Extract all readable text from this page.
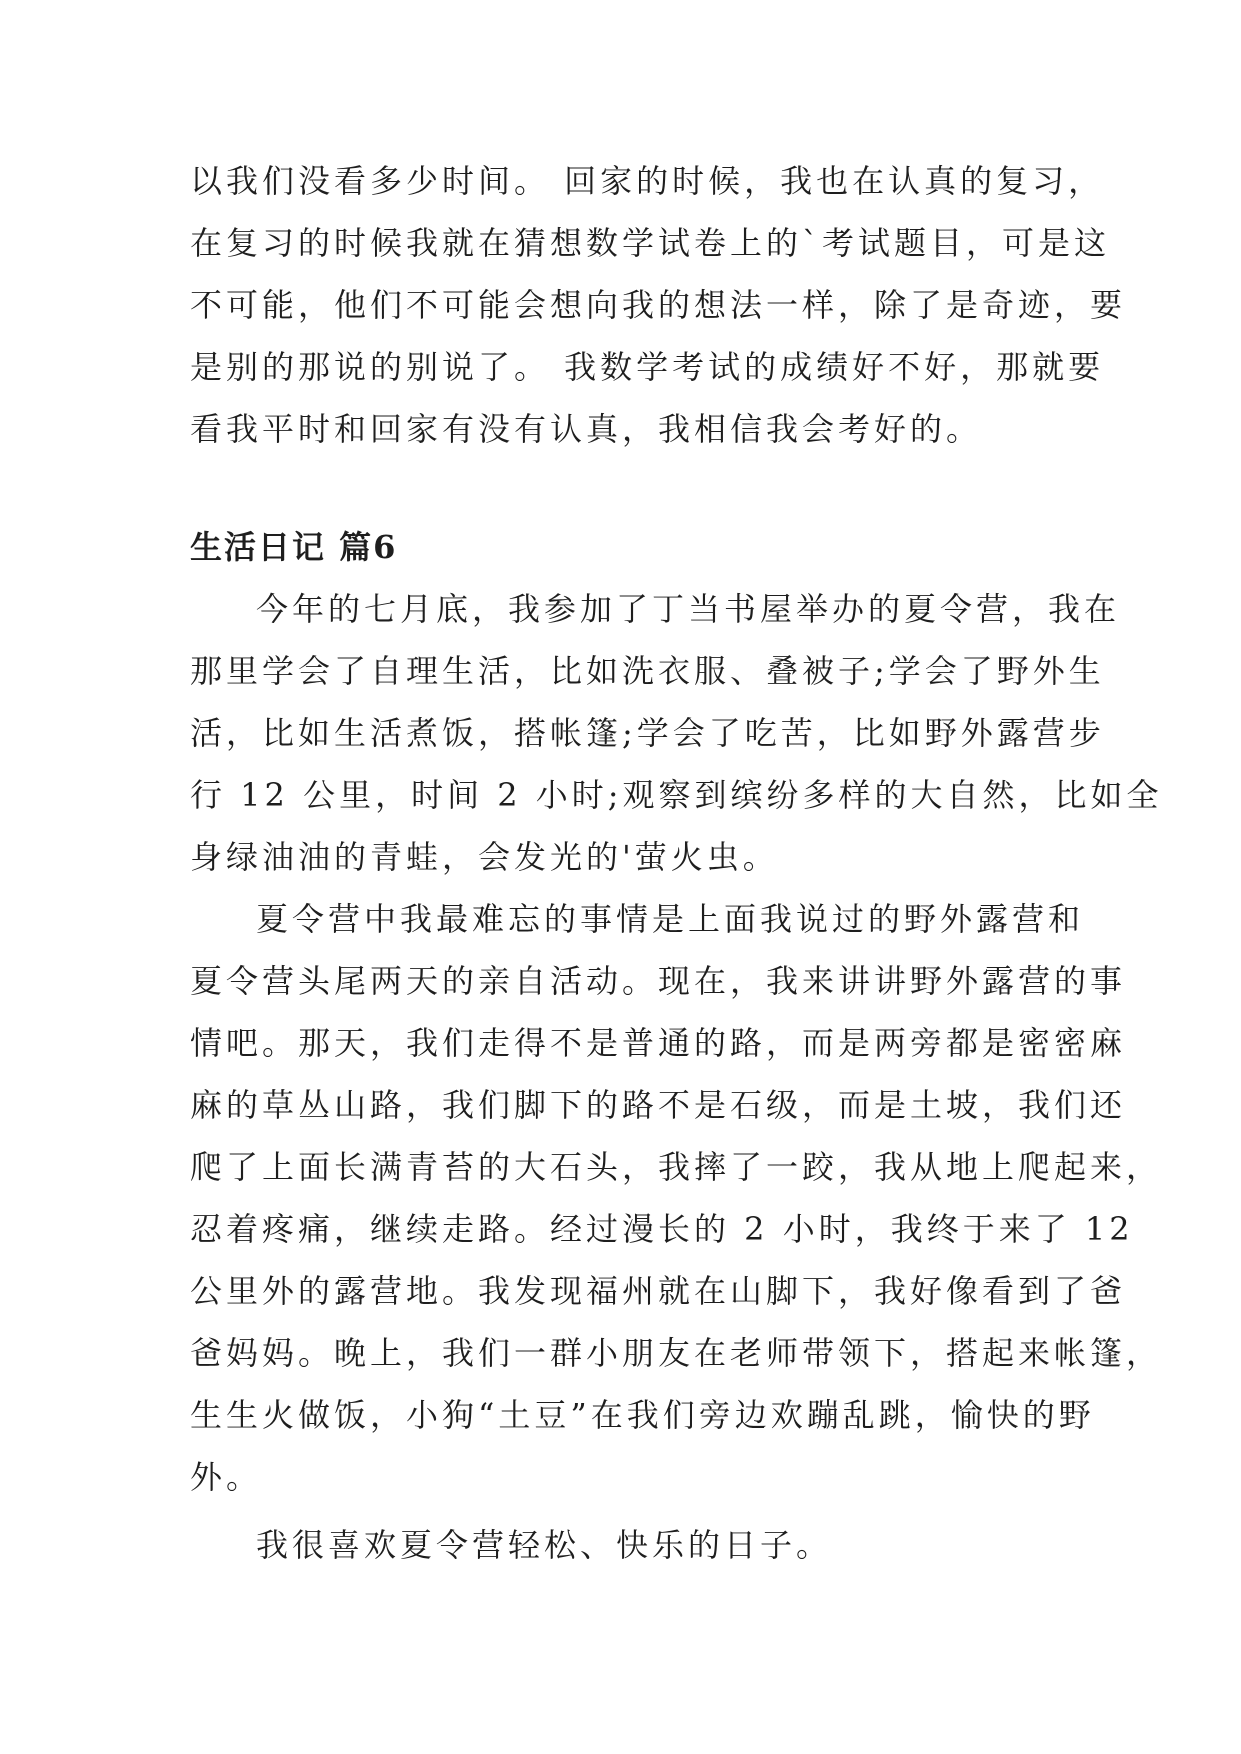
以我们没看多少时间。 回家的时候，我也在认真的复习，
在复习的时候我就在猜想数学试卷上的`考试题目，可是这
不可能，他们不可能会想向我的想法一样，除了是奇迹，要
是别的那说的别说了。 我数学考试的成绩好不好，那就要
看我平时和回家有没有认真，我相信我会考好的。
生活日记 篇6
今年的七月底，我参加了丁当书屋举办的夏令营，我在
那里学会了自理生活，比如洗衣服、叠被子;学会了野外生
活，比如生活煮饭，搭帐篷;学会了吃苦，比如野外露营步
行 12 公里，时间 2 小时;观察到缤纷多样的大自然，比如全
身绿油油的青蛙，会发光的'萤火虫。
夏令营中我最难忘的事情是上面我说过的野外露营和
夏令营头尾两天的亲自活动。现在，我来讲讲野外露营的事
情吧。那天，我们走得不是普通的路，而是两旁都是密密麻
麻的草丛山路，我们脚下的路不是石级，而是土坡，我们还
爬了上面长满青苔的大石头，我摔了一跤，我从地上爬起来，
忍着疼痛，继续走路。经过漫长的 2 小时，我终于来了 12
公里外的露营地。我发现福州就在山脚下，我好像看到了爸
爸妈妈。晚上，我们一群小朋友在老师带领下，搭起来帐篷，
生生火做饭，小狗“土豆”在我们旁边欢蹦乱跳，愉快的野
外。
我很喜欢夏令营轻松、快乐的日子。
